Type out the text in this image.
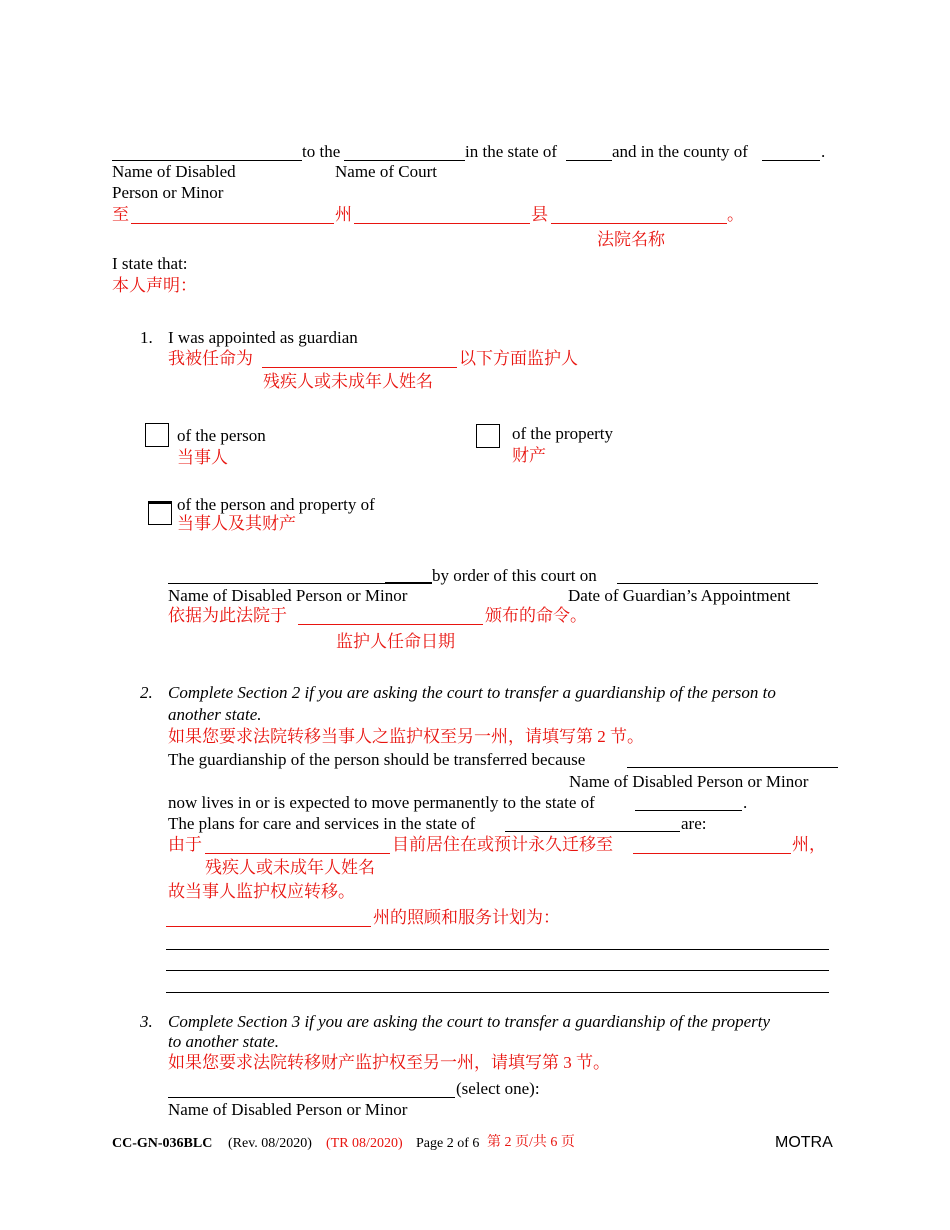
to the	in the state of	and in the county of	.
Name of Disabled
Person or Minor
Name of Court
至	州	县	。
法院名称
I state that:
本人声明：
1. I was appointed as guardian
我被任命为	以下方面监护人
残疾人或未成年人姓名
of the person
当事人
of the property
财产
of the person and property of
当事人及其财产
by order of this court on
Name of Disabled Person or Minor	Date of Guardian’s Appointment
依据为此法院于	颁布的命令。
监护人任命日期
2. Complete Section 2 if you are asking the court to transfer a guardianship of the person to
another state.
如果您要求法院转移当事人之监护权至另一州，请填写第 2 节。
The guardianship of the person should be transferred because
Name of Disabled Person or Minor
now lives in or is expected to move permanently to the state of	.
The plans for care and services in the state of	are:
由于	目前居住在或预计永久迁移至	州，
残疾人或未成年人姓名
故当事人监护权应转移。
州的照顾和服务计划为：
3. Complete Section 3 if you are asking the court to transfer a guardianship of the property
to another state.
如果您要求法院转移财产监护权至另一州，请填写第 3 节。
(select one):
Name of Disabled Person or Minor
CC-GN-036BLC (Rev. 08/2020) (TR 08/2020) Page 2 of 6 第 2 页/共 6 页	MOTRA
